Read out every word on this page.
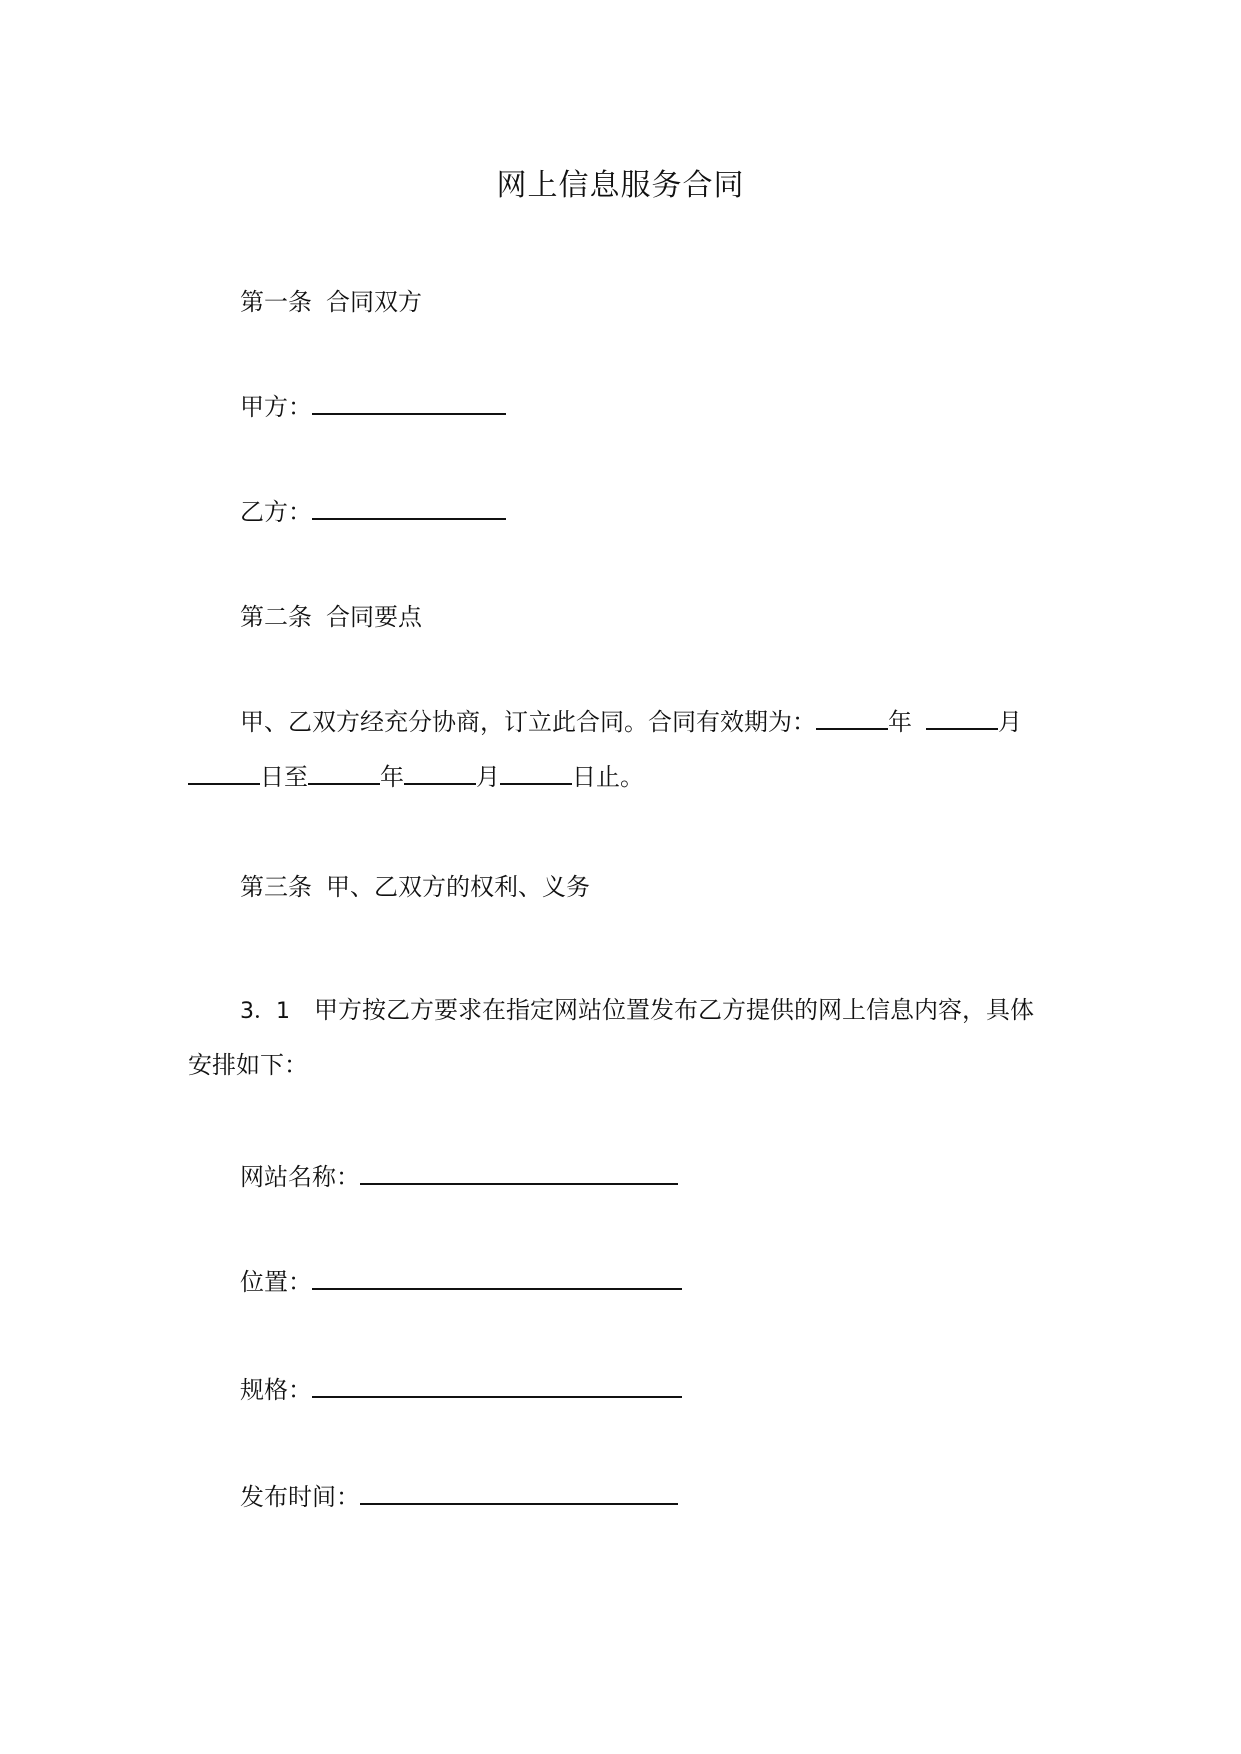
网上信息服务合同
第一条 合同双方
甲方：
乙方：
第二条 合同要点
甲、乙双方经充分协商，订立此合同。合同有效期为：	年	月
日至	年	月	日止。
第三条 甲、乙双方的权利、义务
3．1 甲方按乙方要求在指定网站位置发布乙方提供的网上信息内容，具体
安排如下：
网站名称：
位置：
规格：
发布时间：
